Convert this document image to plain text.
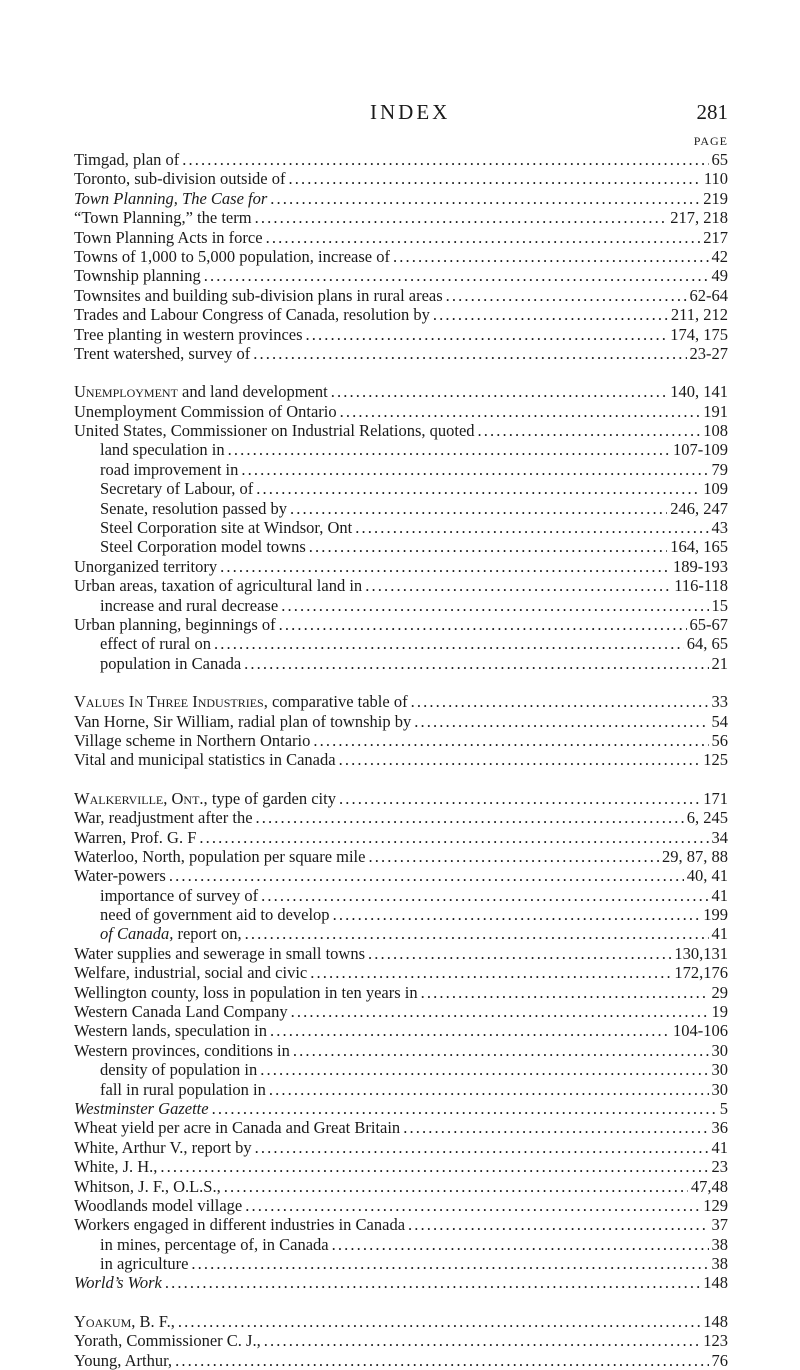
INDEX	281
PAGE
Timgad, plan of . . .	65
Toronto, sub-division outside of . . .	110
Town Planning, The Case for . . .	219
“Town Planning,” the term . . .	217, 218
Town Planning Acts in force . . .	217
Towns of 1,000 to 5,000 population, increase of . . .	42
Township planning . . .	49
Townsites and building sub-division plans in rural areas . . .	62-64
Trades and Labour Congress of Canada, resolution by . . .	211, 212
Tree planting in western provinces . . .	174, 175
Trent watershed, survey of . . .	23-27
Unemployment and land development . . .	140, 141
Unemployment Commission of Ontario . . .	191
United States, Commissioner on Industrial Relations, quoted . . .	108
land speculation in . . .	107-109
road improvement in . . .	79
Secretary of Labour, of . . .	109
Senate, resolution passed by . . .	246, 247
Steel Corporation site at Windsor, Ont . . .	43
Steel Corporation model towns . . .	164, 165
Unorganized territory . . .	189-193
Urban areas, taxation of agricultural land in . . .	116-118
increase and rural decrease . . .	15
Urban planning, beginnings of . . .	65-67
effect of rural on . . .	64, 65
population in Canada . . .	21
Values In Three Industries, comparative table of . . .	33
Van Horne, Sir William, radial plan of township by . . .	54
Village scheme in Northern Ontario . . .	56
Vital and municipal statistics in Canada . . .	125
Walkerville, Ont., type of garden city . . .	171
War, readjustment after the . . .	6, 245
Warren, Prof. G. F . . .	34
Waterloo, North, population per square mile . . .	29, 87, 88
Water-powers . . .	40, 41
importance of survey of . . .	41
need of government aid to develop . . .	199
of Canada, report on, . . .	41
Water supplies and sewerage in small towns . . .	130,131
Welfare, industrial, social and civic . . .	172,176
Wellington county, loss in population in ten years in . . .	29
Western Canada Land Company . . .	19
Western lands, speculation in . . .	104-106
Western provinces, conditions in . . .	30
density of population in . . .	30
fall in rural population in . . .	30
Westminster Gazette . . .	5
Wheat yield per acre in Canada and Great Britain . . .	36
White, Arthur V., report by . . .	41
White, J. H., . . .	23
Whitson, J. F., O.L.S., . . .	47,48
Woodlands model village . . .	129
Workers engaged in different industries in Canada . . .	37
in mines, percentage of, in Canada . . .	38
in agriculture . . .	38
World’s Work . . .	148
Yoakum, B. F., . . .	148
Yorath, Commissioner C. J., . . .	123
Young, Arthur, . . .	76
